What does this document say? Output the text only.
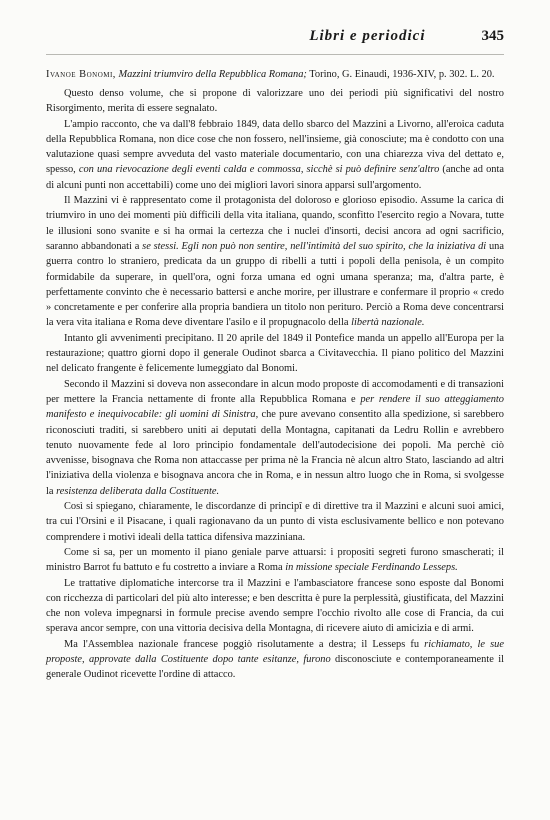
Libri e periodici	345

Ivanoe Bonomi, Mazzini triumviro della Repubblica Romana; Torino, G. Einaudi, 1936-XIV, p. 302. L. 20.

Questo denso volume, che si propone di valorizzare uno dei periodi più significativi del nostro Risorgimento, merita di essere segnalato.

L'ampio racconto, che va dall'8 febbraio 1849, data dello sbarco del Mazzini a Livorno, all'eroica caduta della Repubblica Romana, non dice cose che non fossero, nell'insieme, già conosciute; ma è condotto con una valutazione quasi sempre avveduta del vasto materiale documentario, con una chiarezza viva del dettato e, spesso, con una rievocazione degli eventi calda e commossa, sicchè si può definire senz'altro (anche ad onta di alcuni punti non accettabili) come uno dei migliori lavori sinora apparsi sull'argomento.

Il Mazzini vi è rappresentato come il protagonista del doloroso e glorioso episodio. Assume la carica di triumviro in uno dei momenti più difficili della vita italiana, quando, sconfitto l'esercito regio a Novara, tutte le illusioni sono svanite e si ha ormai la certezza che i nuclei d'insorti, decisi ancora ad ogni sacrificio, saranno abbandonati a se stessi. Egli non può non sentire, nell'intimità del suo spirito, che la iniziativa di una guerra contro lo straniero, predicata da un gruppo di ribelli a tutti i popoli della penisola, è un compito formidabile da superare, in quell'ora, ogni forza umana ed ogni umana speranza; ma, d'altra parte, è perfettamente convinto che è necessario battersi e anche morire, per illustrare e confermare il proprio « credo » concretamente e per conferire alla propria bandiera un titolo non perituro. Perciò a Roma deve concentrarsi la vera vita italiana e Roma deve diventare l'asilo e il propugnacolo della libertà nazionale.

Intanto gli avvenimenti precipitano. Il 20 aprile del 1849 il Pontefice manda un appello all'Europa per la restaurazione; quattro giorni dopo il generale Oudinot sbarca a Civitavecchia. Il piano politico del Mazzini nel delicato frangente è felicemente lumeggiato dal Bonomi.

Secondo il Mazzini si doveva non assecondare in alcun modo proposte di accomodamenti e di transazioni per mettere la Francia nettamente di fronte alla Repubblica Romana e per rendere il suo atteggiamento manifesto e inequivocabile: gli uomini di Sinistra, che pure avevano consentito alla spedizione, si sarebbero riconosciuti traditi, si sarebbero uniti ai deputati della Montagna, capitanati da Ledru Rollin e avrebbero tenuto nuovamente fede al loro principio fondamentale dell'autodecisione dei popoli. Ma perchè ciò avvenisse, bisognava che Roma non attaccasse per prima nè la Francia nè alcun altro Stato, lasciando ad altri l'iniziativa della violenza e bisognava ancora che in Roma, e in nessun altro luogo che in Roma, si svolgesse la resistenza deliberata dalla Costituente.

Così si spiegano, chiaramente, le discordanze di principî e di direttive tra il Mazzini e alcuni suoi amici, tra cui l'Orsini e il Pisacane, i quali ragionavano da un punto di vista esclusivamente bellico e non potevano comprendere i motivi ideali della tattica difensiva mazziniana.

Come si sa, per un momento il piano geniale parve attuarsi: i propositi segreti furono smascherati; il ministro Barrot fu battuto e fu costretto a inviare a Roma in missione speciale Ferdinando Lesseps.

Le trattative diplomatiche intercorse tra il Mazzini e l'ambasciatore francese sono esposte dal Bonomi con ricchezza di particolari del più alto interesse; e ben descritta è pure la perplessità, giustificata, del Mazzini che non voleva impegnarsi in formule precise avendo sempre l'occhio rivolto alle cose di Francia, da cui sperava ancor sempre, con una vittoria decisiva della Montagna, di ricevere aiuto di amicizia e di armi.

Ma l'Assemblea nazionale francese poggiò risolutamente a destra; il Lesseps fu richiamato, le sue proposte, approvate dalla Costituente dopo tante esitanze, furono disconosciute e contemporaneamente il generale Oudinot ricevette l'ordine di attacco.
